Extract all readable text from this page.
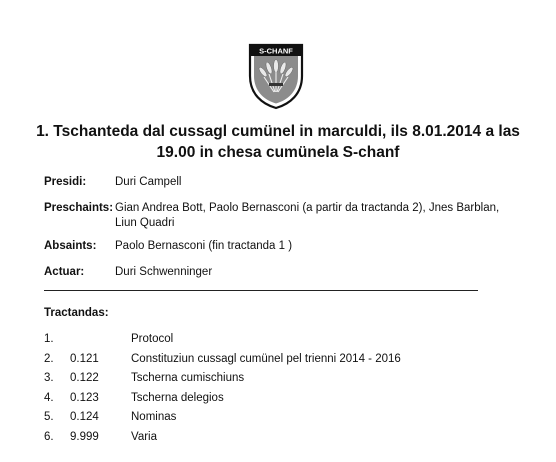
S-CHANF
1. Tschanteda dal cussagl cumünel in marculdi, ils 8.01.2014 a las 19.00 in chesa cumünela S-chanf
Presidi:	Duri Campell
Preschaints: Gian Andrea Bott, Paolo Bernasconi (a partir da tractanda 2), Jnes Barblan, Liun Quadri
Absaints: Paolo Bernasconi (fin tractanda 1 )
Actuar:	Duri Schwenninger
Tractandas:
1.	Protocol
2. 0.121	Constituziun cussagl cumünel pel trienni 2014 - 2016
3. 0.122	Tscherna cumischiuns
4. 0.123	Tscherna delegios
5. 0.124	Nominas
6. 9.999	Varia
